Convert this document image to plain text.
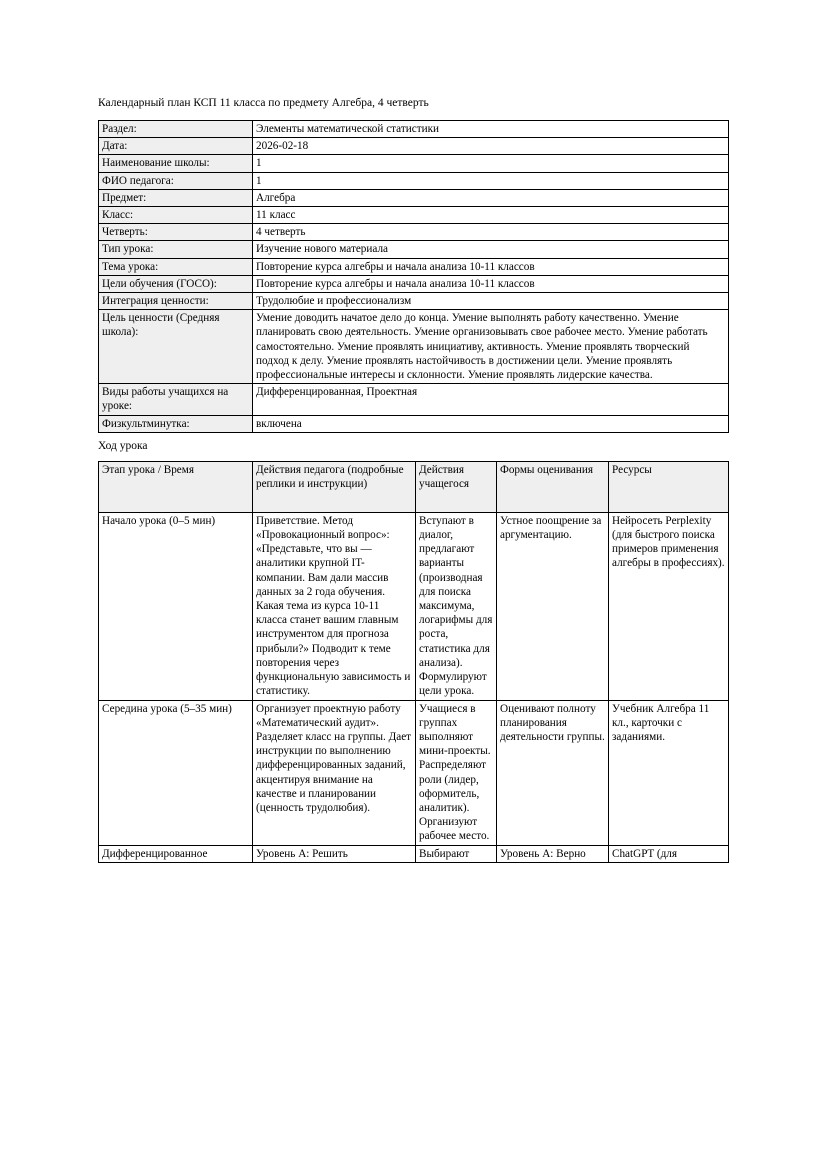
Календарный план КСП 11 класса по предмету Алгебра, 4 четверть
Раздел:	Элементы математической статистики
Дата:	2026-02-18
Наименование школы:	1
ФИО педагога:	1
Предмет:	Алгебра
Класс:	11 класс
Четверть:	4 четверть
Тип урока:	Изучение нового материала
Тема урока:	Повторение курса алгебры и начала анализа 10-11 классов
Цели обучения (ГОСО):	Повторение курса алгебры и начала анализа 10-11 классов
Интеграция ценности:	Трудолюбие и профессионализм
Цель ценности (Средняя школа):	Умение доводить начатое дело до конца. Умение выполнять работу качественно. Умение планировать свою деятельность. Умение организовывать свое рабочее место. Умение работать самостоятельно. Умение проявлять инициативу, активность. Умение проявлять творческий подход к делу. Умение проявлять настойчивость в достижении цели. Умение проявлять профессиональные интересы и склонности. Умение проявлять лидерские качества.
Виды работы учащихся на уроке:	Дифференцированная, Проектная
Физкультминутка:	включена
Ход урока
Этап урока / Время	Действия педагога (подробные реплики и инструкции)	Действия учащегося	Формы оценивания	Ресурсы
Начало урока (0–5 мин)	Приветствие. Метод «Провокационный вопрос»: «Представьте, что вы — аналитики крупной IT-компании. Вам дали массив данных за 2 года обучения. Какая тема из курса 10-11 класса станет вашим главным инструментом для прогноза прибыли?» Подводит к теме повторения через функциональную зависимость и статистику.	Вступают в диалог, предлагают варианты (производная для поиска максимума, логарифмы для роста, статистика для анализа). Формулируют цели урока.	Устное поощрение за аргументацию.	Нейросеть Perplexity (для быстрого поиска примеров применения алгебры в профессиях).
Середина урока (5–35 мин)	Организует проектную работу «Математический аудит». Разделяет класс на группы. Дает инструкции по выполнению дифференцированных заданий, акцентируя внимание на качестве и планировании (ценность трудолюбия).	Учащиеся в группах выполняют мини-проекты. Распределяют роли (лидер, оформитель, аналитик). Организуют рабочее место.	Оценивают полноту планирования деятельности группы.	Учебник Алгебра 11 кл., карточки с заданиями.
Дифференцированное	Уровень А: Решить	Выбирают	Уровень А: Верно	ChatGPT (для
